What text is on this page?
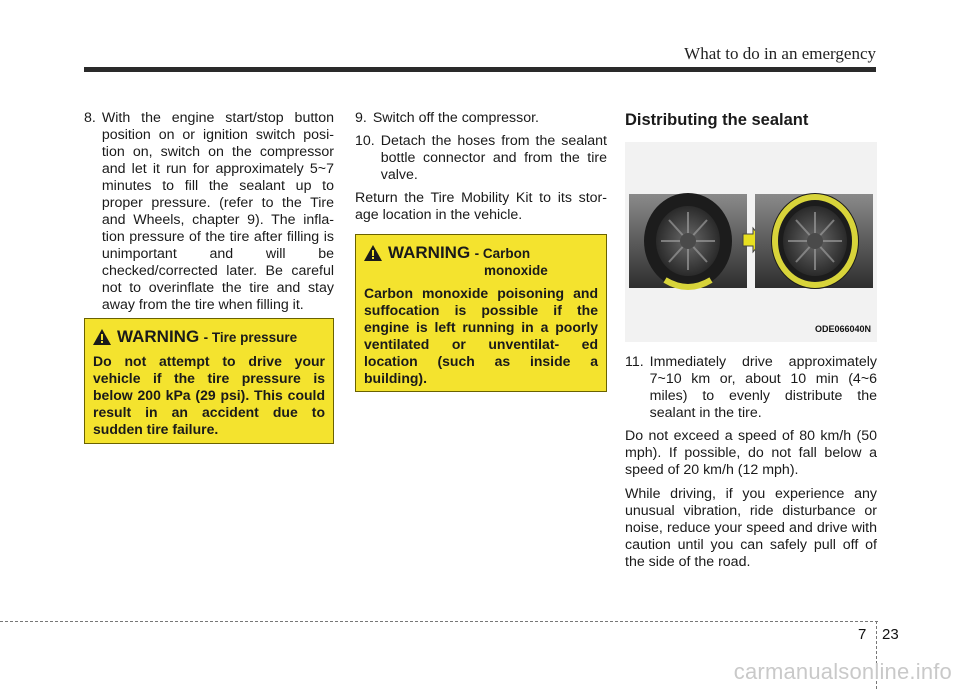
What to do in an emergency
8. With the engine start/stop button position on or ignition switch posi- tion on, switch on the compressor and let it run for approximately 5~7 minutes to fill the sealant up to proper pressure. (refer to the Tire and Wheels, chapter 9). The infla- tion pressure of the tire after filling is unimportant and will be checked/corrected later. Be careful not to overinflate the tire and stay away from the tire when filling it.
WARNING - Tire pressure
Do not attempt to drive your vehicle if the tire pressure is below 200 kPa (29 psi). This could result in an accident due to sudden tire failure.
9. Switch off the compressor.
10. Detach the hoses from the sealant bottle connector and from the tire valve.

Return the Tire Mobility Kit to its stor- age location in the vehicle.

WARNING - Carbon
monoxide
Carbon monoxide poisoning and suffocation is possible if the engine is left running in a poorly ventilated or unventilat- ed location (such as inside a building).
Distributing the sealant
ODE066040N
11. Immediately drive approximately 7~10 km or, about 10 min (4~6 miles) to evenly distribute the sealant in the tire.

Do not exceed a speed of 80 km/h (50 mph). If possible, do not fall below a speed of 20 km/h (12 mph).

While driving, if you experience any unusual vibration, ride disturbance or noise, reduce your speed and drive with caution until you can safely pull off of the side of the road.

7 23
carmanualsonline.info
